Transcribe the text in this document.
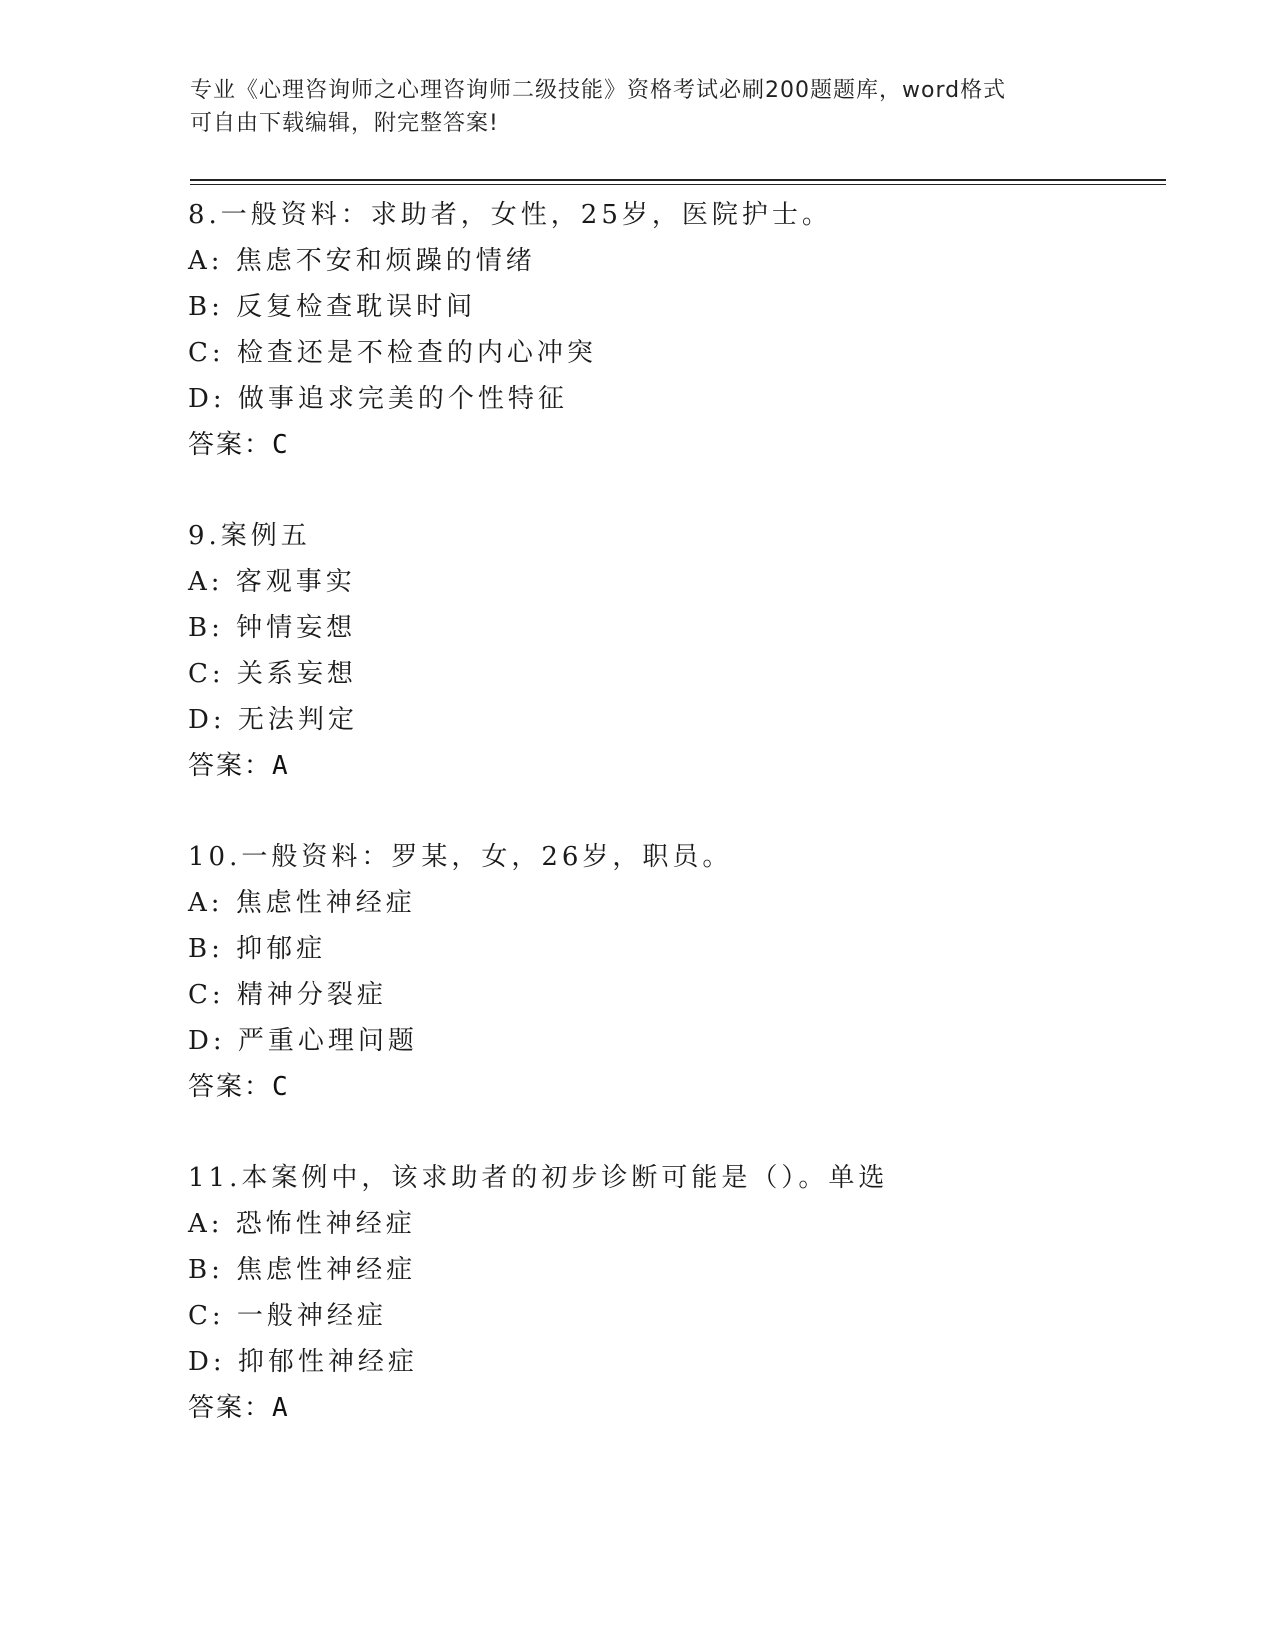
专业《心理咨询师之心理咨询师二级技能》资格考试必刷200题题库，word格式
可自由下载编辑，附完整答案!
8.一般资料：求助者，女性，25岁，医院护士。
A: 焦虑不安和烦躁的情绪
B: 反复检查耽误时间
C: 检查还是不检查的内心冲突
D: 做事追求完美的个性特征
答案：C
9.案例五
A: 客观事实
B: 钟情妄想
C: 关系妄想
D: 无法判定
答案：A
10.一般资料：罗某，女，26岁，职员。
A: 焦虑性神经症
B: 抑郁症
C: 精神分裂症
D: 严重心理问题
答案：C
11.本案例中，该求助者的初步诊断可能是（）。单选
A: 恐怖性神经症
B: 焦虑性神经症
C: 一般神经症
D: 抑郁性神经症
答案：A
